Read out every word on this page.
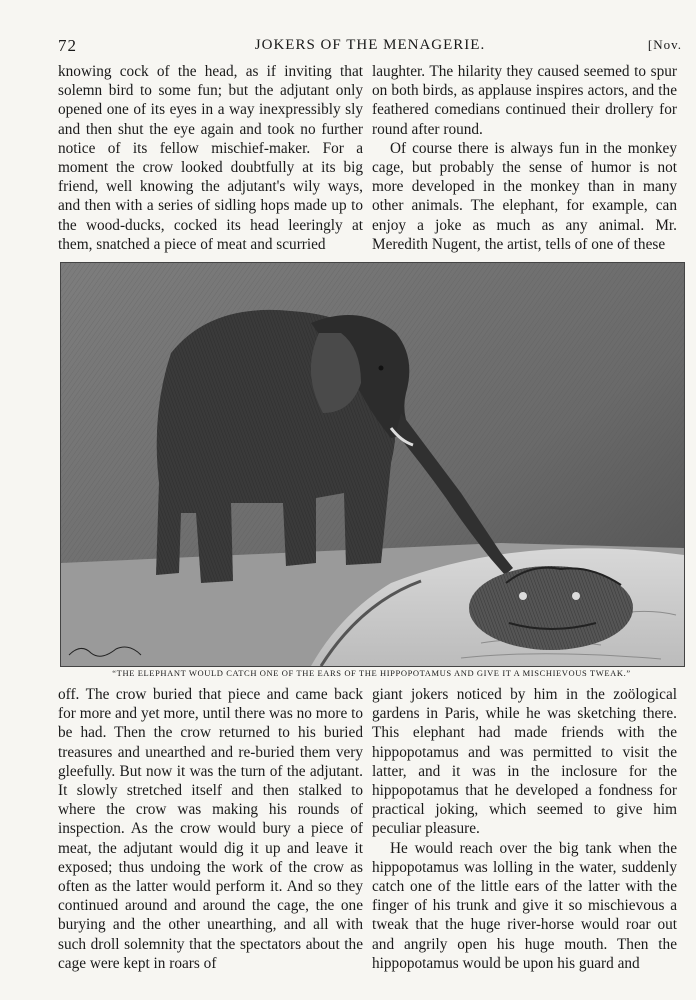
72	JOKERS OF THE MENAGERIE.	[Nov.

knowing cock of the head, as if inviting that solemn bird to some fun; but the adjutant only opened one of its eyes in a way inexpressibly sly and then shut the eye again and took no further notice of its fellow mischief-maker. For a moment the crow looked doubtfully at its big friend, well knowing the adjutant's wily ways, and then with a series of sidling hops made up to the wood-ducks, cocked its head leeringly at them, snatched a piece of meat and scurried

laughter. The hilarity they caused seemed to spur on both birds, as applause inspires actors, and the feathered comedians continued their drollery for round after round.

Of course there is always fun in the monkey cage, but probably the sense of humor is not more developed in the monkey than in many other animals. The elephant, for example, can enjoy a joke as much as any animal. Mr. Meredith Nugent, the artist, tells of one of these

“THE ELEPHANT WOULD CATCH ONE OF THE EARS OF THE HIPPOPOTAMUS AND GIVE IT A MISCHIEVOUS TWEAK.”

off. The crow buried that piece and came back for more and yet more, until there was no more to be had. Then the crow returned to his buried treasures and unearthed and re-buried them very gleefully. But now it was the turn of the adjutant. It slowly stretched itself and then stalked to where the crow was making his rounds of inspection. As the crow would bury a piece of meat, the adjutant would dig it up and leave it exposed; thus undoing the work of the crow as often as the latter would perform it. And so they continued around and around the cage, the one burying and the other unearthing, and all with such droll solemnity that the spectators about the cage were kept in roars of

giant jokers noticed by him in the zoölogical gardens in Paris, while he was sketching there. This elephant had made friends with the hippopotamus and was permitted to visit the latter, and it was in the inclosure for the hippopotamus that he developed a fondness for practical joking, which seemed to give him peculiar pleasure.

He would reach over the big tank when the hippopotamus was lolling in the water, suddenly catch one of the little ears of the latter with the finger of his trunk and give it so mischievous a tweak that the huge river-horse would roar out and angrily open his huge mouth. Then the hippopotamus would be upon his guard and
